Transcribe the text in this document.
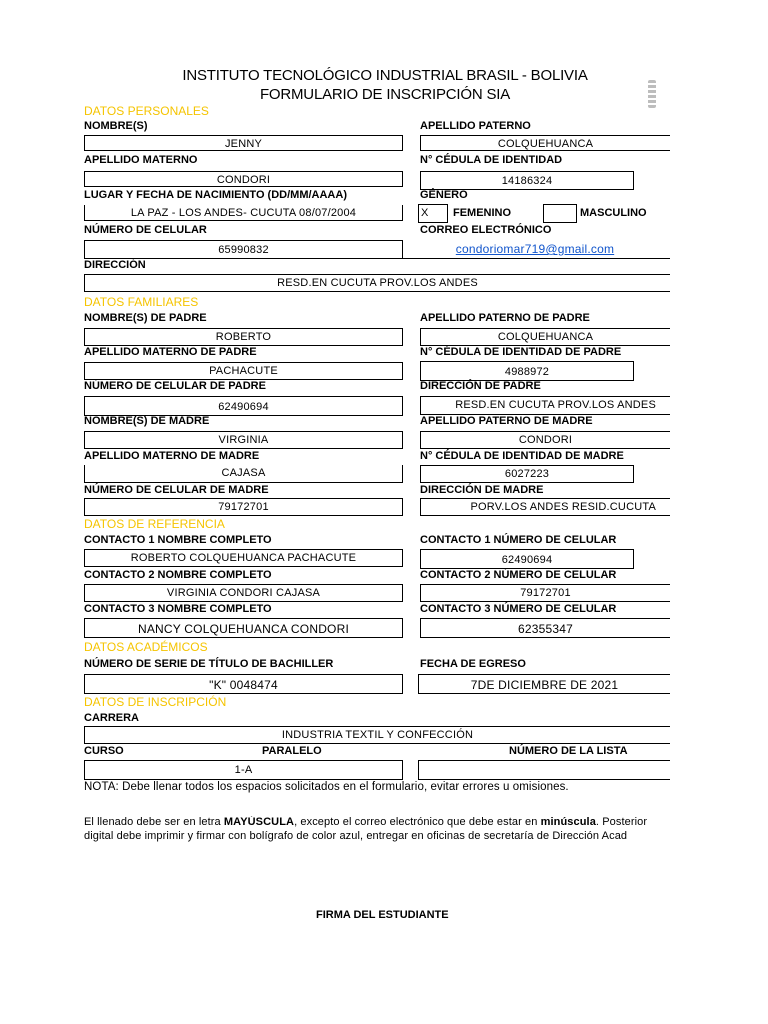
INSTITUTO TECNOLÓGICO INDUSTRIAL BRASIL - BOLIVIA
FORMULARIO DE INSCRIPCIÓN SIA
DATOS PERSONALES
NOMBRE(S)	APELLIDO PATERNO
JENNY	COLQUEHUANCA
APELLIDO MATERNO	N° CÉDULA DE IDENTIDAD
CONDORI	14186324
LUGAR Y FECHA DE NACIMIENTO (DD/MM/AAAA)	GÉNERO
LA PAZ - LOS ANDES- CUCUTA 08/07/2004	X	FEMENINO	MASCULINO
NÚMERO DE CELULAR	CORREO ELECTRÓNICO
65990832	condoriomar719@gmail.com
DIRECCIÓN
RESD.EN CUCUTA PROV.LOS ANDES
DATOS FAMILIARES
NOMBRE(S) DE PADRE	APELLIDO PATERNO DE PADRE
ROBERTO	COLQUEHUANCA
APELLIDO MATERNO DE PADRE	N° CÉDULA DE IDENTIDAD DE PADRE
PACHACUTE	4988972
NÚMERO DE CELULAR DE PADRE	DIRECCIÓN DE PADRE
62490694	RESD.EN CUCUTA PROV.LOS ANDES
NOMBRE(S) DE MADRE	APELLIDO PATERNO DE MADRE
VIRGINIA	CONDORI
APELLIDO MATERNO DE MADRE	N° CÉDULA DE IDENTIDAD DE MADRE
CAJASA	6027223
NÚMERO DE CELULAR DE MADRE	DIRECCIÓN DE MADRE
79172701	PORV.LOS ANDES RESID.CUCUTA
DATOS DE REFERENCIA
CONTACTO 1 NOMBRE COMPLETO	CONTACTO 1 NÚMERO DE CELULAR
ROBERTO COLQUEHUANCA PACHACUTE	62490694
CONTACTO 2 NOMBRE COMPLETO	CONTACTO 2 NÚMERO DE CELULAR
VIRGINIA CONDORI CAJASA	79172701
CONTACTO 3 NOMBRE COMPLETO	CONTACTO 3 NÚMERO DE CELULAR
NANCY COLQUEHUANCA CONDORI	62355347
DATOS ACADÉMICOS
NÚMERO DE SERIE DE TÍTULO DE BACHILLER	FECHA DE EGRESO
"K" 0048474	7DE DICIEMBRE DE 2021
DATOS DE INSCRIPCIÓN
CARRERA
INDUSTRIA TEXTIL Y CONFECCIÓN
CURSO	PARALELO	NÚMERO DE LA LISTA
1-A
NOTA: Debe llenar todos los espacios solicitados en el formulario, evitar errores u omisiones.
El llenado debe ser en letra MAYÚSCULA, excepto el correo electrónico que debe estar en minúscula. Posterior
digital debe imprimir y firmar con bolígrafo de color azul, entregar en oficinas de secretaría de Dirección Acad
FIRMA DEL ESTUDIANTE
